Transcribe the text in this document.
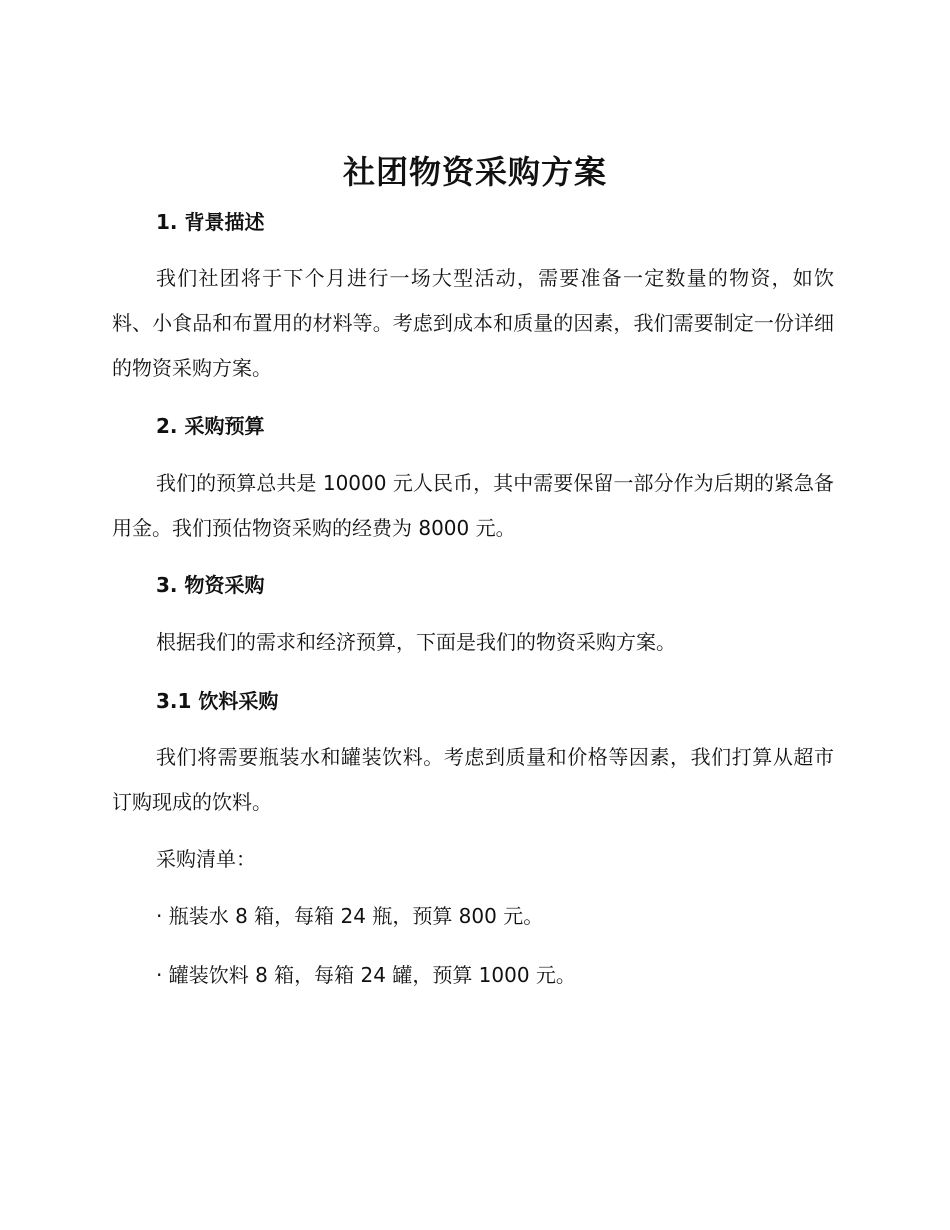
社团物资采购方案
1. 背景描述
我们社团将于下个月进行一场大型活动，需要准备一定数量的物资，如饮料、小食品和布置用的材料等。考虑到成本和质量的因素，我们需要制定一份详细的物资采购方案。
2. 采购预算
我们的预算总共是 10000 元人民币，其中需要保留一部分作为后期的紧急备用金。我们预估物资采购的经费为 8000 元。
3. 物资采购
根据我们的需求和经济预算，下面是我们的物资采购方案。
3.1 饮料采购
我们将需要瓶装水和罐装饮料。考虑到质量和价格等因素，我们打算从超市订购现成的饮料。
采购清单：
· 瓶装水 8 箱，每箱 24 瓶，预算 800 元。
· 罐装饮料 8 箱，每箱 24 罐，预算 1000 元。
